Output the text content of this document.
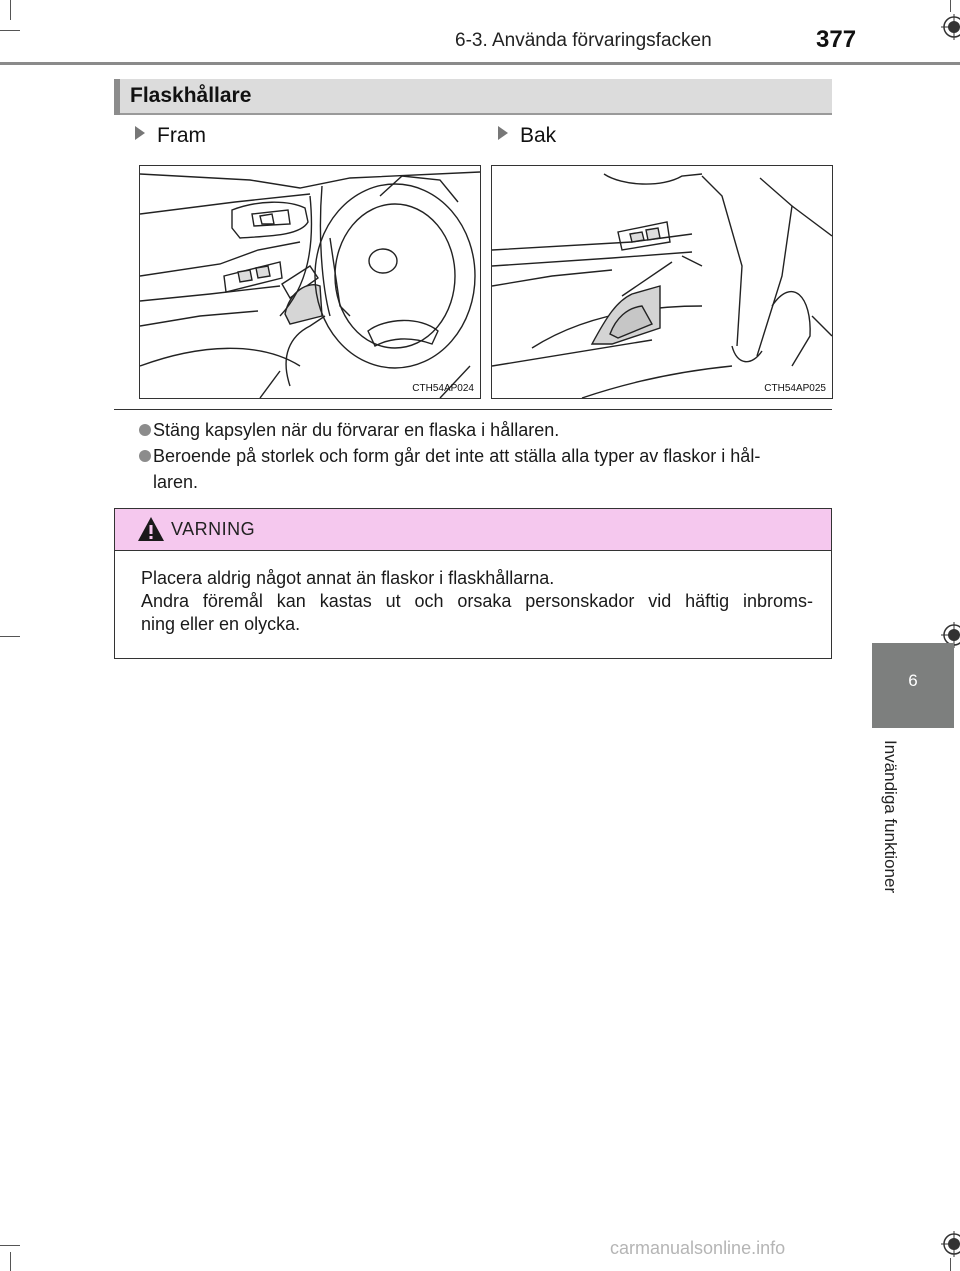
6-3. Använda förvaringsfacken	377
6
Invändiga funktioner
Flaskhållare
Fram	Bak
CTH54AP024	CTH54AP025
Stäng kapsylen när du förvarar en flaska i hållaren.
Beroende på storlek och form går det inte att ställa alla typer av flaskor i hål-
laren.
VARNING

Placera aldrig något annat än flaskor i flaskhållarna.

Andra föremål kan kastas ut och orsaka personskador vid häftig inbroms-

ning eller en olycka.

carmanualsonline.info
